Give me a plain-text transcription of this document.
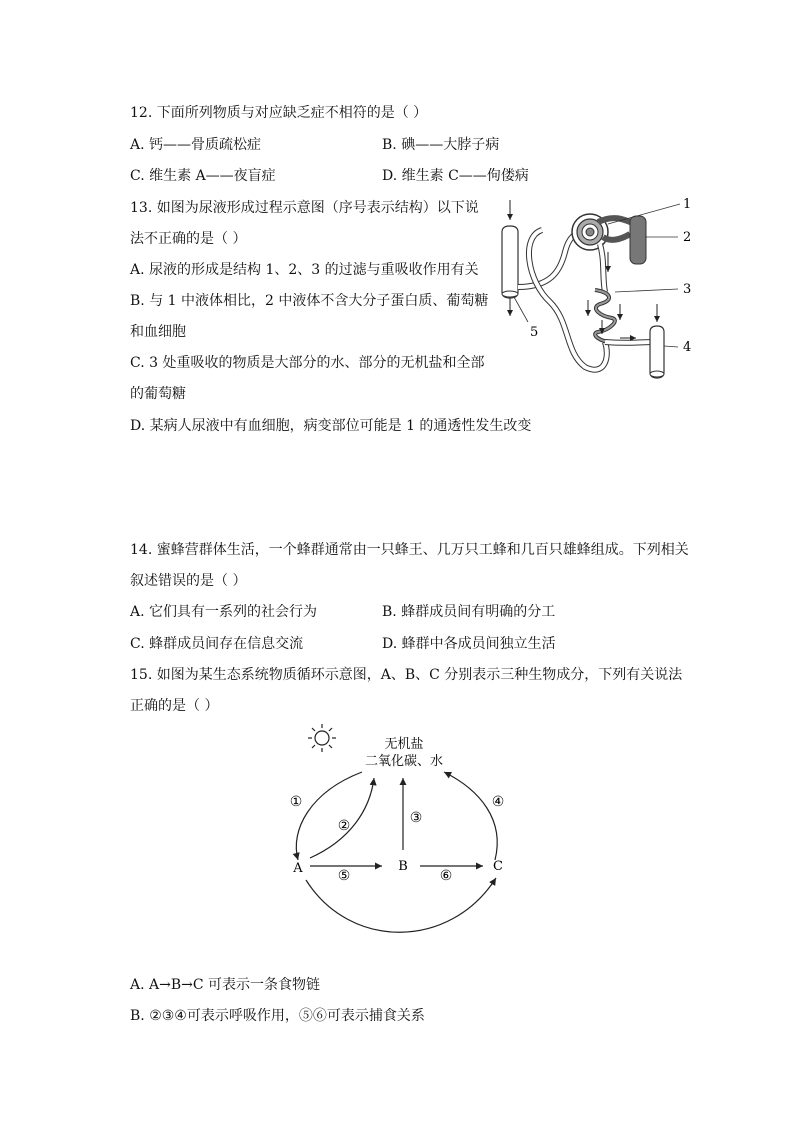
12. 下面所列物质与对应缺乏症不相符的是（ ）
A. 钙——骨质疏松症	B. 碘——大脖子病
C. 维生素 A——夜盲症	D. 维生素 C——佝偻病
13. 如图为尿液形成过程示意图（序号表示结构）以下说
法不正确的是（ ）
A. 尿液的形成是结构 1、2、3 的过滤与重吸收作用有关
B. 与 1 中液体相比，2 中液体不含大分子蛋白质、葡萄糖
和血细胞
C. 3 处重吸收的物质是大部分的水、部分的无机盐和全部
的葡萄糖
D. 某病人尿液中有血细胞，病变部位可能是 1 的通透性发生改变
1
2
3
4
5
14. 蜜蜂营群体生活，一个蜂群通常由一只蜂王、几万只工蜂和几百只雄蜂组成。下列相关
叙述错误的是（ ）
A. 它们具有一系列的社会行为	B. 蜂群成员间有明确的分工
C. 蜂群成员间存在信息交流	D. 蜂群中各成员间独立生活
15. 如图为某生态系统物质循环示意图，A、B、C 分别表示三种生物成分，下列有关说法
正确的是（ ）
无机盐
二氧化碳、水
A	B	C
①
②	③
④
⑤	⑥
A. A→B→C 可表示一条食物链
B. ②③④可表示呼吸作用，⑤⑥可表示捕食关系
